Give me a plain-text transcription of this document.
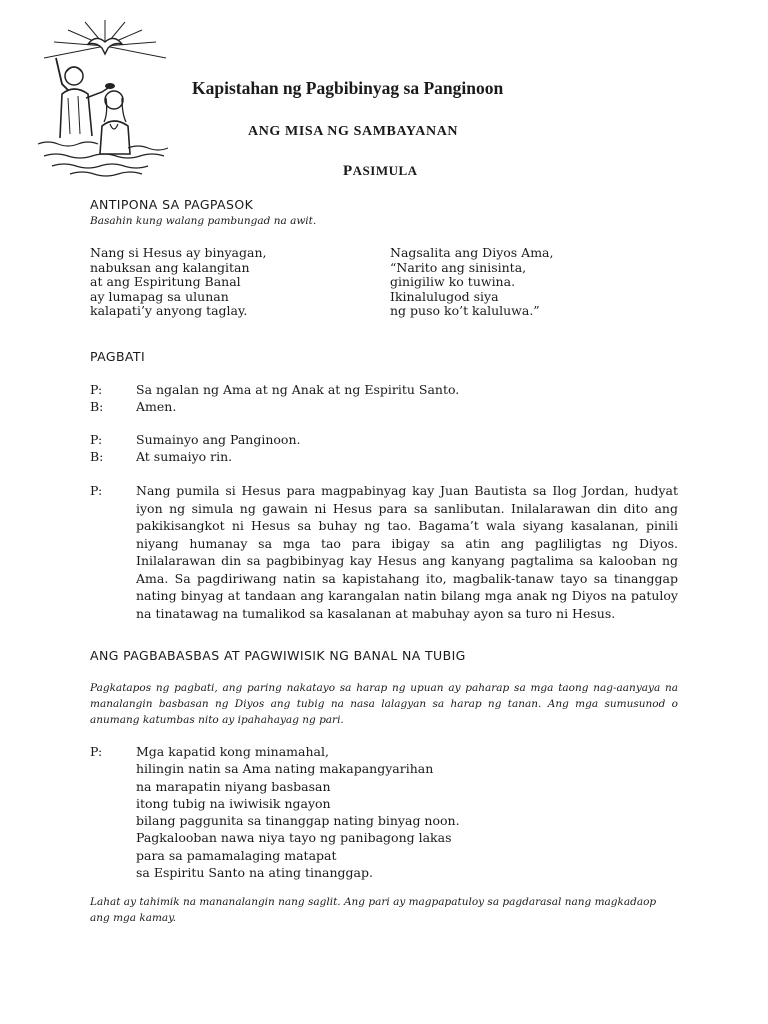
Kapistahan ng Pagbibinyag sa Panginoon
ANG MISA NG SAMBAYANAN
PASIMULA
ANTIPONA SA PAGPASOK
Basahin kung walang pambungad na awit.
Nang si Hesus ay binyagan,
nabuksan ang kalangitan
at ang Espiritung Banal
ay lumapag sa ulunan
kalapati’y anyong taglay.
Nagsalita ang Diyos Ama,
“Narito ang sinisinta,
ginigiliw ko tuwina.
Ikinalulugod siya
ng puso ko’t kaluluwa.”
PAGBATI
P:	Sa ngalan ng Ama at ng Anak at ng Espiritu Santo.
B:	Amen.
P:	Sumainyo ang Panginoon.
B:	At sumaiyo rin.
P:	Nang pumila si Hesus para magpabinyag kay Juan Bautista sa Ilog Jordan, hudyat iyon ng simula ng gawain ni Hesus para sa sanlibutan. Inilalarawan din dito ang pakikisangkot ni Hesus sa buhay ng tao. Bagama’t wala siyang kasalanan, pinili niyang humanay sa mga tao para ibigay sa atin ang pagliligtas ng Diyos. Inilalarawan din sa pagbibinyag kay Hesus ang kanyang pagtalima sa kalooban ng Ama. Sa pagdiriwang natin sa kapistahang ito, magbalik-tanaw tayo sa tinanggap nating binyag at tandaan ang karangalan natin bilang mga anak ng Diyos na patuloy na tinatawag na tumalikod sa kasalanan at mabuhay ayon sa turo ni Hesus.
ANG PAGBABASBAS AT PAGWIWISIK NG BANAL NA TUBIG
Pagkatapos ng pagbati, ang paring nakatayo sa harap ng upuan ay paharap sa mga taong nag-aanyaya na manalangin basbasan ng Diyos ang tubig na nasa lalagyan sa harap ng tanan. Ang mga sumusunod o anumang katumbas nito ay ipahahayag ng pari.
P:	Mga kapatid kong minamahal,
hilingin natin sa Ama nating makapangyarihan
na marapatin niyang basbasan
itong tubig na iwiwisik ngayon
bilang paggunita sa tinanggap nating binyag noon.
Pagkalooban nawa niya tayo ng panibagong lakas
para sa pamamalaging matapat
sa Espiritu Santo na ating tinanggap.
Lahat ay tahimik na mananalangin nang saglit. Ang pari ay magpapatuloy sa pagdarasal nang magkadaop ang mga kamay.
